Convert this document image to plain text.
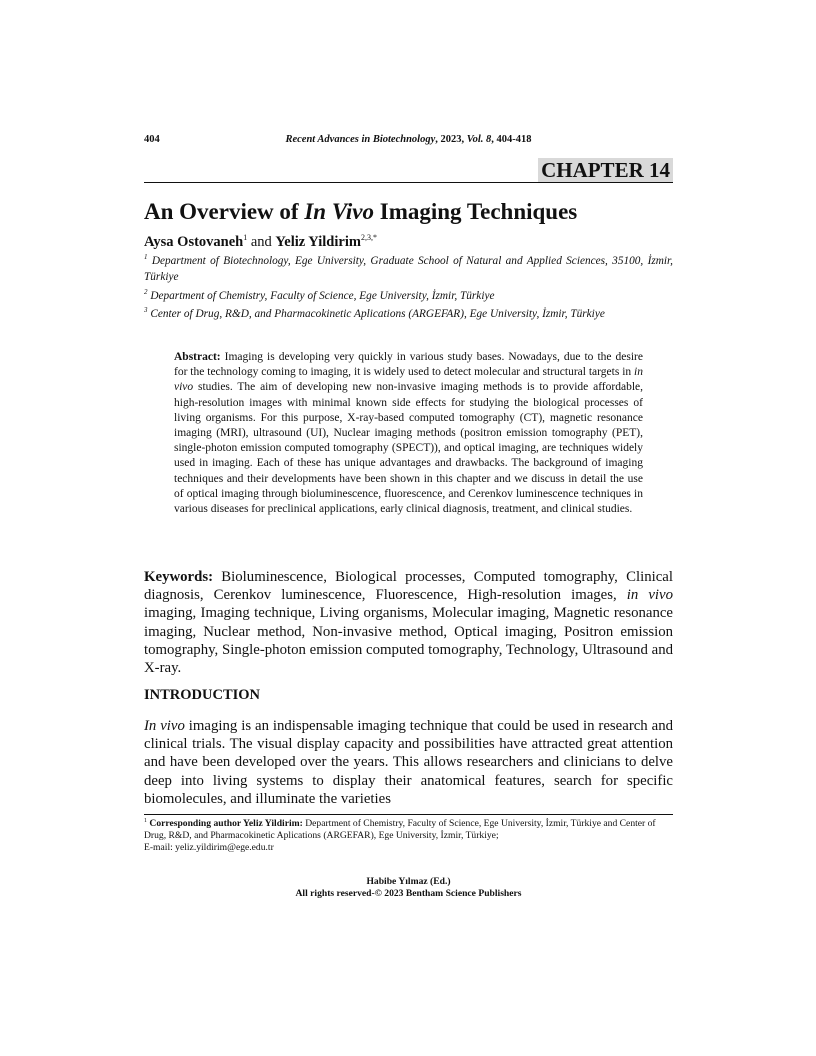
404	Recent Advances in Biotechnology, 2023, Vol. 8, 404-418
CHAPTER 14
An Overview of In Vivo Imaging Techniques
Aysa Ostovaneh$^1$ and Yeliz Yildirim$^{2,3,*}$
$^1$ Department of Biotechnology, Ege University, Graduate School of Natural and Applied Sciences, 35100, İzmir, Türkiye
$^2$ Department of Chemistry, Faculty of Science, Ege University, İzmir, Türkiye
$^3$ Center of Drug, R&D, and Pharmacokinetic Aplications (ARGEFAR), Ege University, İzmir, Türkiye
Abstract: Imaging is developing very quickly in various study bases. Nowadays, due to the desire for the technology coming to imaging, it is widely used to detect molecular and structural targets in in vivo studies. The aim of developing new non-invasive imaging methods is to provide affordable, high-resolution images with minimal known side effects for studying the biological processes of living organisms. For this purpose, X-ray-based computed tomography (CT), magnetic resonance imaging (MRI), ultrasound (UI), Nuclear imaging methods (positron emission tomography (PET), single-photon emission computed tomography (SPECT)), and optical imaging, are techniques widely used in imaging. Each of these has unique advantages and drawbacks. The background of imaging techniques and their developments have been shown in this chapter and we discuss in detail the use of optical imaging through bioluminescence, fluorescence, and Cerenkov luminescence techniques in various diseases for preclinical applications, early clinical diagnosis, treatment, and clinical studies.
Keywords: Bioluminescence, Biological processes, Computed tomography, Clinical diagnosis, Cerenkov luminescence, Fluorescence, High-resolution images, in vivo imaging, Imaging technique, Living organisms, Molecular imaging, Magnetic resonance imaging, Nuclear method, Non-invasive method, Optical imaging, Positron emission tomography, Single-photon emission computed tomography, Technology, Ultrasound and X-ray.
INTRODUCTION
In vivo imaging is an indispensable imaging technique that could be used in research and clinical trials. The visual display capacity and possibilities have attracted great attention and have been developed over the years. This allows researchers and clinicians to delve deep into living systems to display their anatomical features, search for specific biomolecules, and illuminate the varieties
$^1$ Corresponding author Yeliz Yildirim: Department of Chemistry, Faculty of Science, Ege University, İzmir, Türkiye and Center of Drug, R&D, and Pharmacokinetic Aplications (ARGEFAR), Ege University, İzmir, Türkiye;
E-mail: yeliz.yildirim@ege.edu.tr
Habibe Yılmaz (Ed.)
All rights reserved-© 2023 Bentham Science Publishers
